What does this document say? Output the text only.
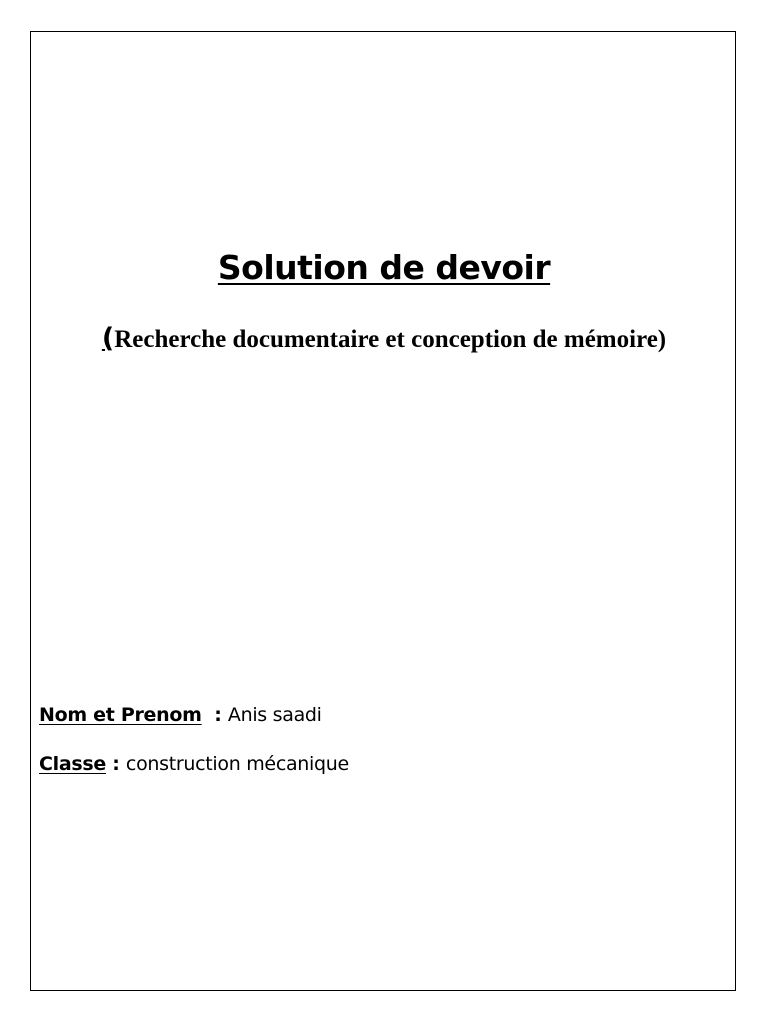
Solution de devoir
(Recherche documentaire et conception de mémoire)
Nom et Prenom  : Anis saadi
Classe : construction mécanique
